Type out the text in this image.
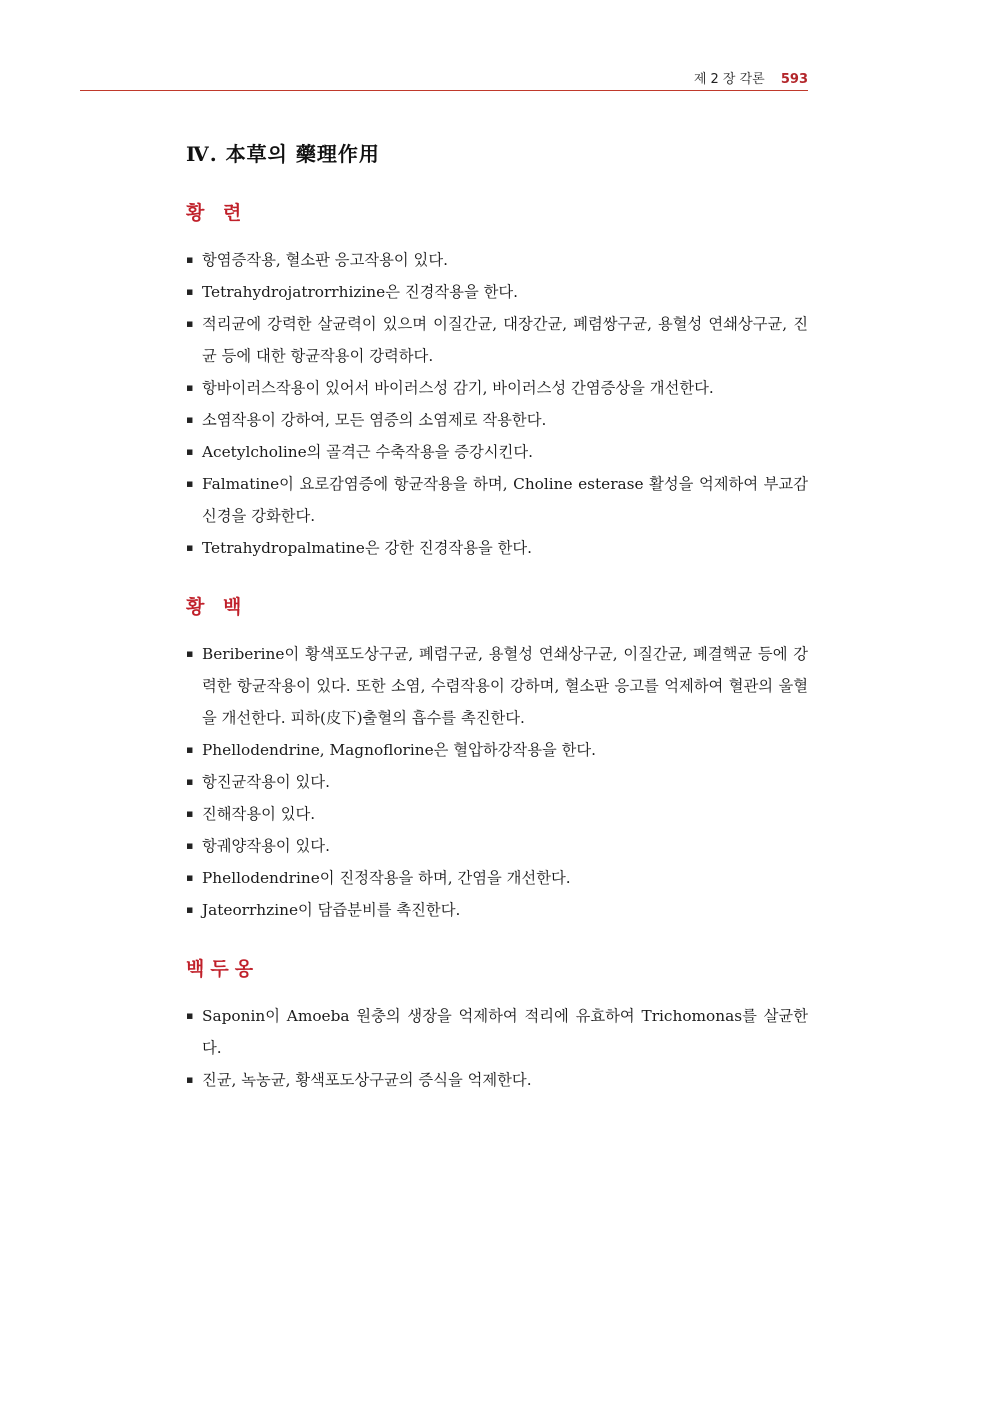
제 2 장 각론 593
Ⅳ. 本草의 藥理作用
황 련
▪ 항염증작용, 혈소판 응고작용이 있다.
▪ Tetrahydrojatrorrhizine은 진경작용을 한다.
▪ 적리균에 강력한 살균력이 있으며 이질간균, 대장간균, 폐렴쌍구균, 용혈성 연쇄상구균, 진균 등에 대한 항균작용이 강력하다.
▪ 항바이러스작용이 있어서 바이러스성 감기, 바이러스성 간염증상을 개선한다.
▪ 소염작용이 강하여, 모든 염증의 소염제로 작용한다.
▪ Acetylcholine의 골격근 수축작용을 증강시킨다.
▪ Falmatine이 요로감염증에 항균작용을 하며, Choline esterase 활성을 억제하여 부교감신경을 강화한다.
▪ Tetrahydropalmatine은 강한 진경작용을 한다.
황 백
▪ Beriberine이 황색포도상구균, 폐렴구균, 용혈성 연쇄상구균, 이질간균, 폐결핵균 등에 강력한 항균작용이 있다. 또한 소염, 수렴작용이 강하며, 혈소판 응고를 억제하여 혈관의 울혈을 개선한다. 피하(皮下)출혈의 흡수를 촉진한다.
▪ Phellodendrine, Magnoflorine은 혈압하강작용을 한다.
▪ 항진균작용이 있다.
▪ 진해작용이 있다.
▪ 항궤양작용이 있다.
▪ Phellodendrine이 진정작용을 하며, 간염을 개선한다.
▪ Jateorrhzine이 담즙분비를 촉진한다.
백두옹
▪ Saponin이 Amoeba 원충의 생장을 억제하여 적리에 유효하여 Trichomonas를 살균한다.
▪ 진균, 녹농균, 황색포도상구균의 증식을 억제한다.
